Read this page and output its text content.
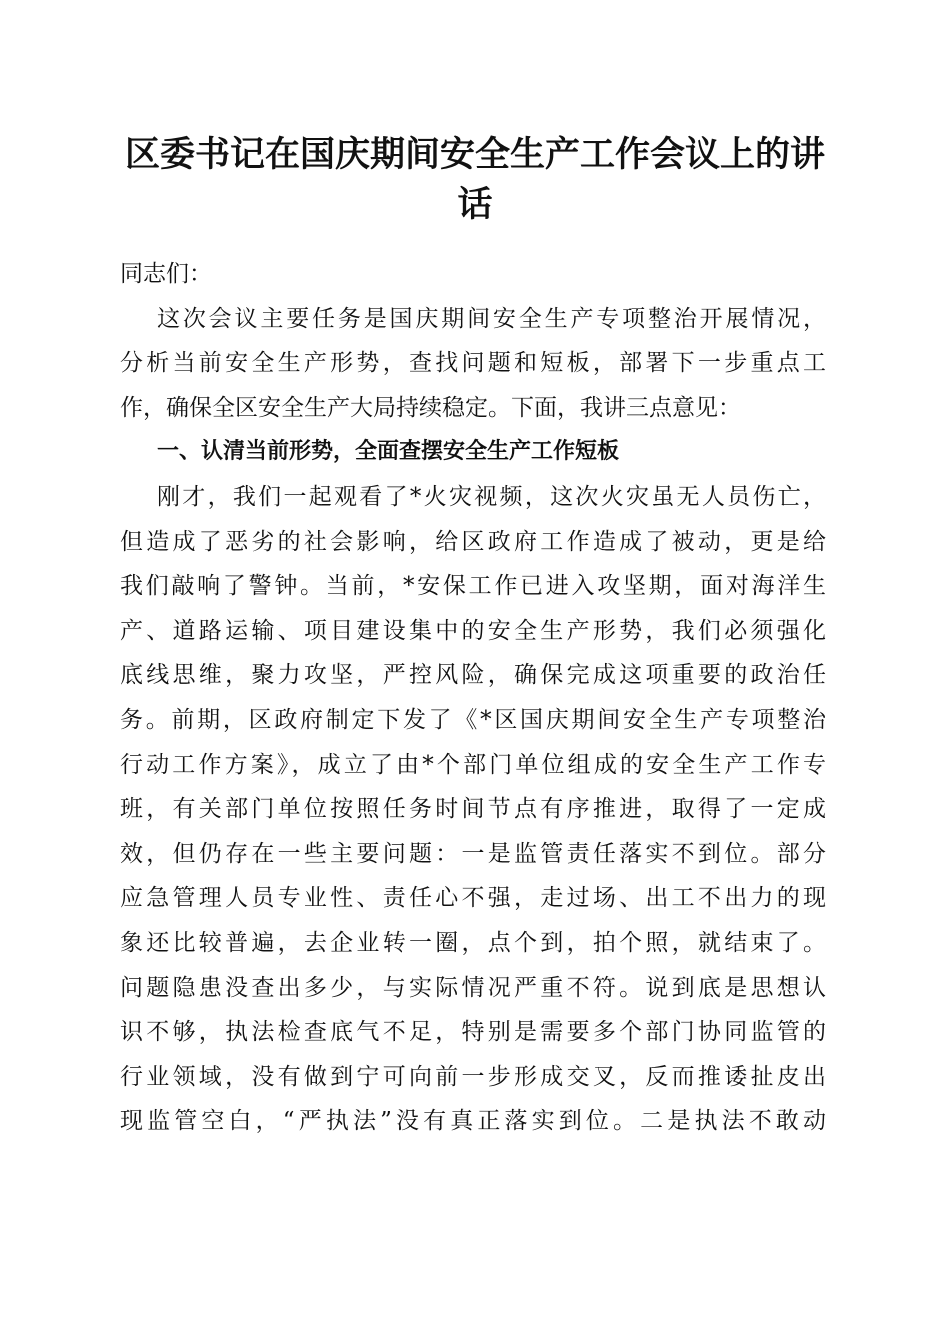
区委书记在国庆期间安全生产工作会议上的讲
话

同志们：

这次会议主要任务是国庆期间安全生产专项整治开展情况，
分析当前安全生产形势，查找问题和短板，部署下一步重点工
作，确保全区安全生产大局持续稳定。下面，我讲三点意见：

一、认清当前形势，全面查摆安全生产工作短板

刚才，我们一起观看了*火灾视频，这次火灾虽无人员伤亡，
但造成了恶劣的社会影响，给区政府工作造成了被动，更是给
我们敲响了警钟。当前，*安保工作已进入攻坚期，面对海洋生
产、道路运输、项目建设集中的安全生产形势，我们必须强化
底线思维，聚力攻坚，严控风险，确保完成这项重要的政治任
务。前期，区政府制定下发了《*区国庆期间安全生产专项整治
行动工作方案》，成立了由*个部门单位组成的安全生产工作专
班，有关部门单位按照任务时间节点有序推进，取得了一定成
效，但仍存在一些主要问题：一是监管责任落实不到位。部分
应急管理人员专业性、责任心不强，走过场、出工不出力的现
象还比较普遍，去企业转一圈，点个到，拍个照，就结束了。
问题隐患没查出多少，与实际情况严重不符。说到底是思想认
识不够，执法检查底气不足，特别是需要多个部门协同监管的
行业领域，没有做到宁可向前一步形成交叉，反而推诿扯皮出
现监管空白，“严执法”没有真正落实到位。二是执法不敢动
